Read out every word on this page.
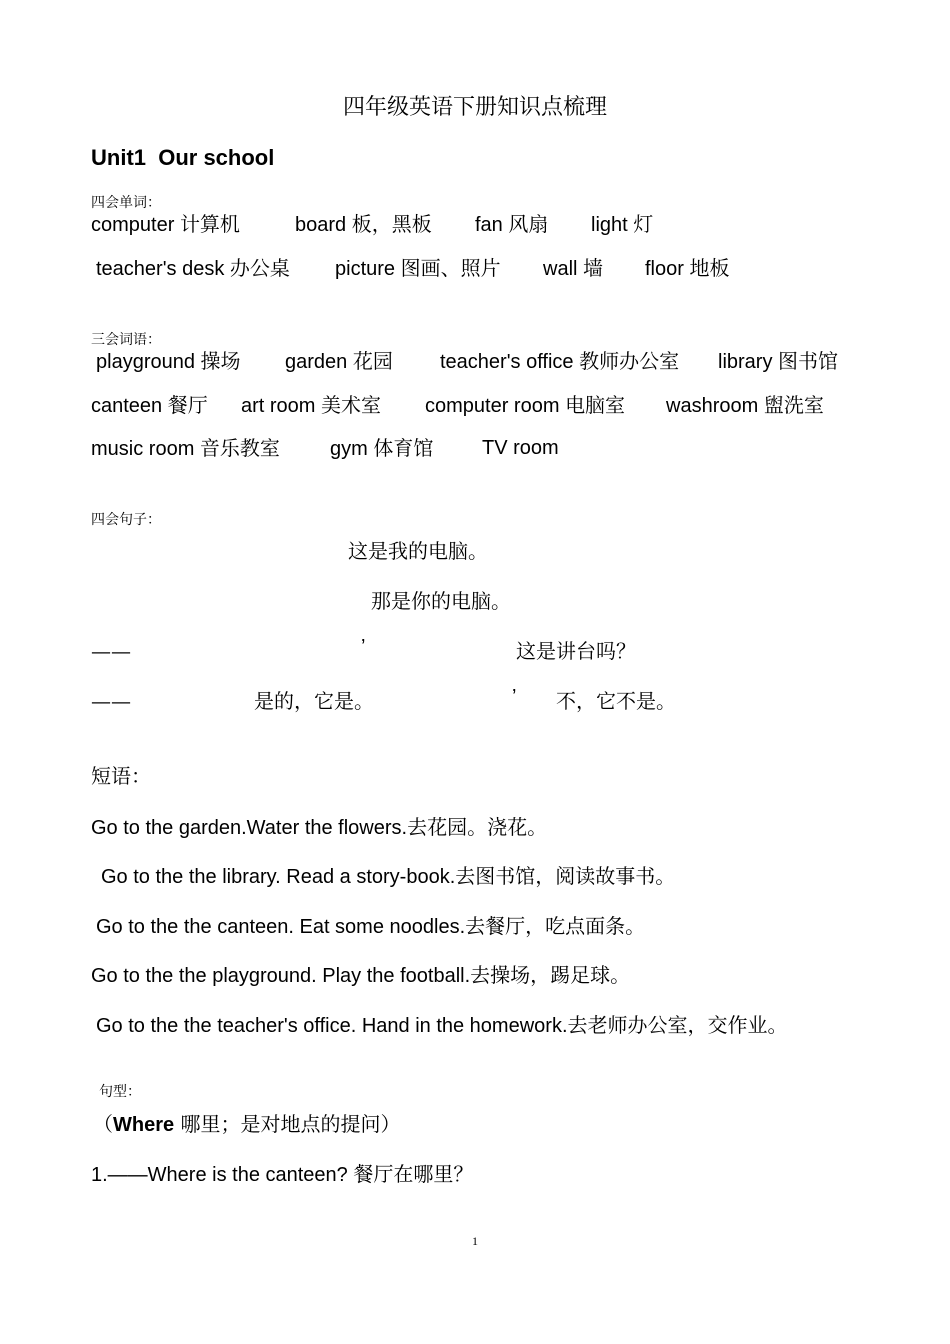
四年级英语下册知识点梳理
Unit1  Our school
四会单词：
computer 计算机	board 板，黑板 fan 风扇 light 灯
teacher's desk 办公桌 picture 图画、照片 wall 墙 floor 地板
三会词语：
playground 操场 garden 花园 teacher's office 教师办公室 library 图书馆
canteen 餐厅 art room 美术室 computer room 电脑室 washroom 盥洗室
music room 音乐教室	gym 体育馆 TV room
四会句子：
这是我的电脑。
那是你的电脑。
——	’	这是讲台吗？
——	是的，它是。	’ 不，它不是。
短语：
Go to the garden.Water the flowers.去花园。浇花。
Go to the the library. Read a story-book.去图书馆，阅读故事书。
Go to the the canteen. Eat some noodles.去餐厅，吃点面条。
Go to the the playground. Play the football.去操场，踢足球。
Go to the the teacher's office. Hand in the homework.去老师办公室，交作业。
句型：
（Where 哪里；是对地点的提问）
1.——Where is the canteen? 餐厅在哪里？
1
